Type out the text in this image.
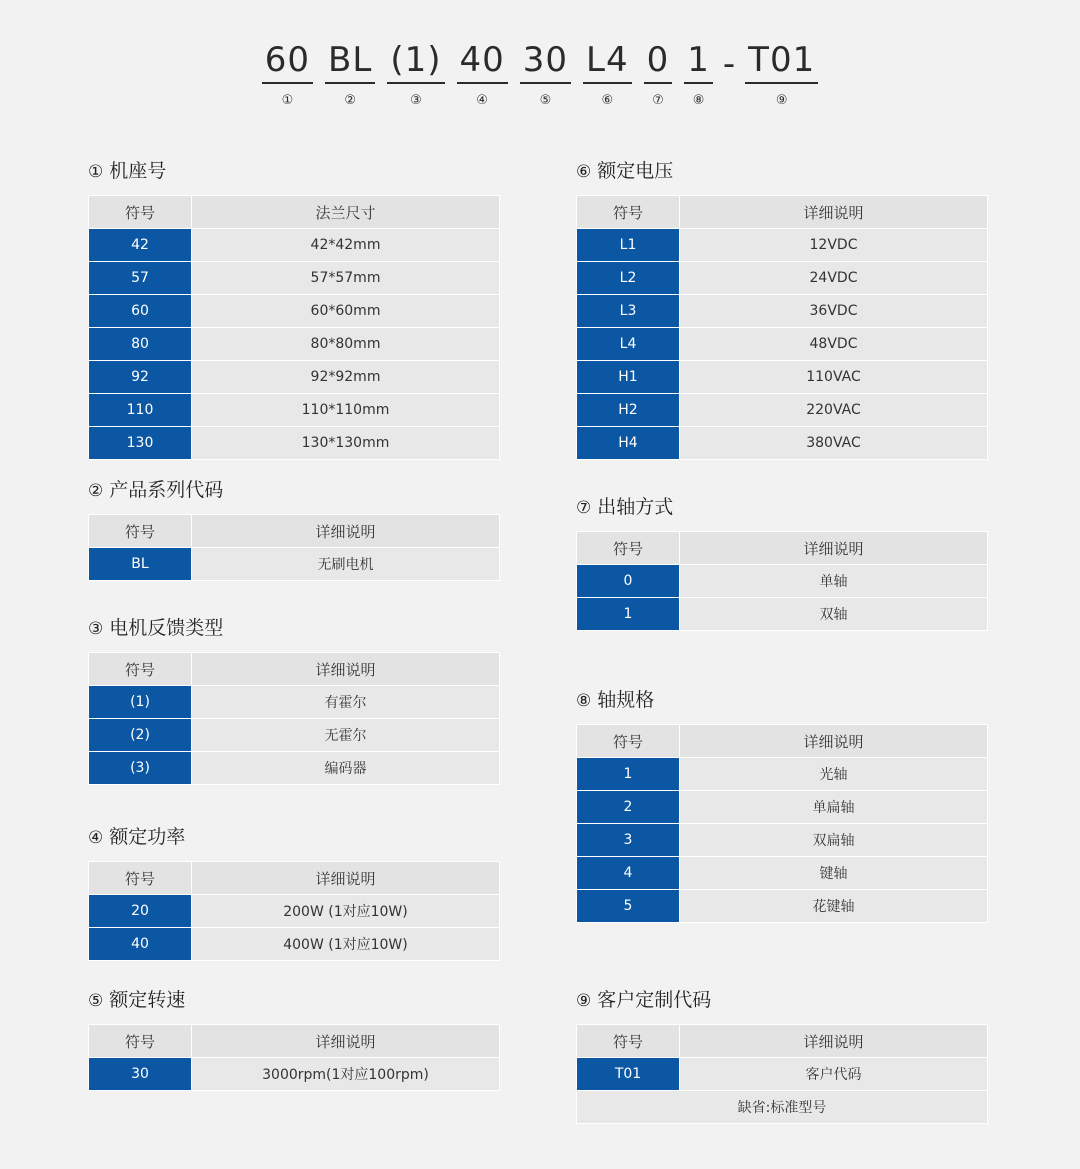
60
①
BL
②
(1)
③
40
④
30
⑤
L4
⑥
0
⑦
1
⑧
- T01
⑨
① 机座号
符号	法兰尺寸
42	42*42mm
57	57*57mm
60	60*60mm
80	80*80mm
92	92*92mm
110	110*110mm
130	130*130mm
② 产品系列代码
符号	详细说明
BL	无刷电机
③ 电机反馈类型
符号	详细说明
(1)	有霍尔
(2)	无霍尔
(3)	编码器
④ 额定功率
符号	详细说明
20	200W (1对应10W)
40	400W (1对应10W)
⑤ 额定转速
符号	详细说明
30	3000rpm(1对应100rpm)
⑥ 额定电压
符号	详细说明
L1	12VDC
L2	24VDC
L3	36VDC
L4	48VDC
H1	110VAC
H2	220VAC
H4	380VAC
⑦ 出轴方式
符号	详细说明
0	单轴
1	双轴
⑧ 轴规格
符号	详细说明
1	光轴
2	单扁轴
3	双扁轴
4	键轴
5	花键轴
⑨ 客户定制代码
符号	详细说明
T01	客户代码
缺省:标准型号	
